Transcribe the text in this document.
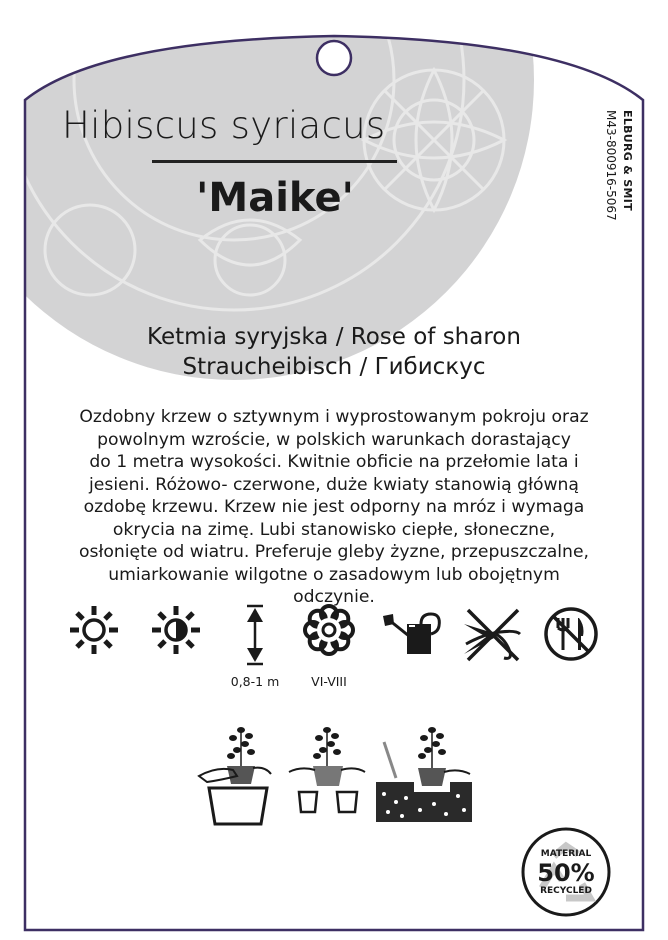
Hibiscus syriacus
'Maike'	ELBURG & SMIT
M43-800916-5067
Ketmia syryjska / Rose of sharon
Straucheibisch / Гибискус
Ozdobny krzew o sztywnym i wyprostowanym pokroju oraz
powolnym wzroście, w polskich warunkach dorastający
do 1 metra wysokości. Kwitnie obficie na przełomie lata i
jesieni. Różowo- czerwone, duże kwiaty stanowią główną
ozdobę krzewu. Krzew nie jest odporny na mróz i wymaga
okrycia na zimę. Lubi stanowisko ciepłe, słoneczne,
osłonięte od wiatru. Preferuje gleby żyzne, przepuszczalne,
umiarkowanie wilgotne o zasadowym lub obojętnym
odczynie.
0,8-1 m	VI-VIII
MATERIAL
50%
RECYCLED
